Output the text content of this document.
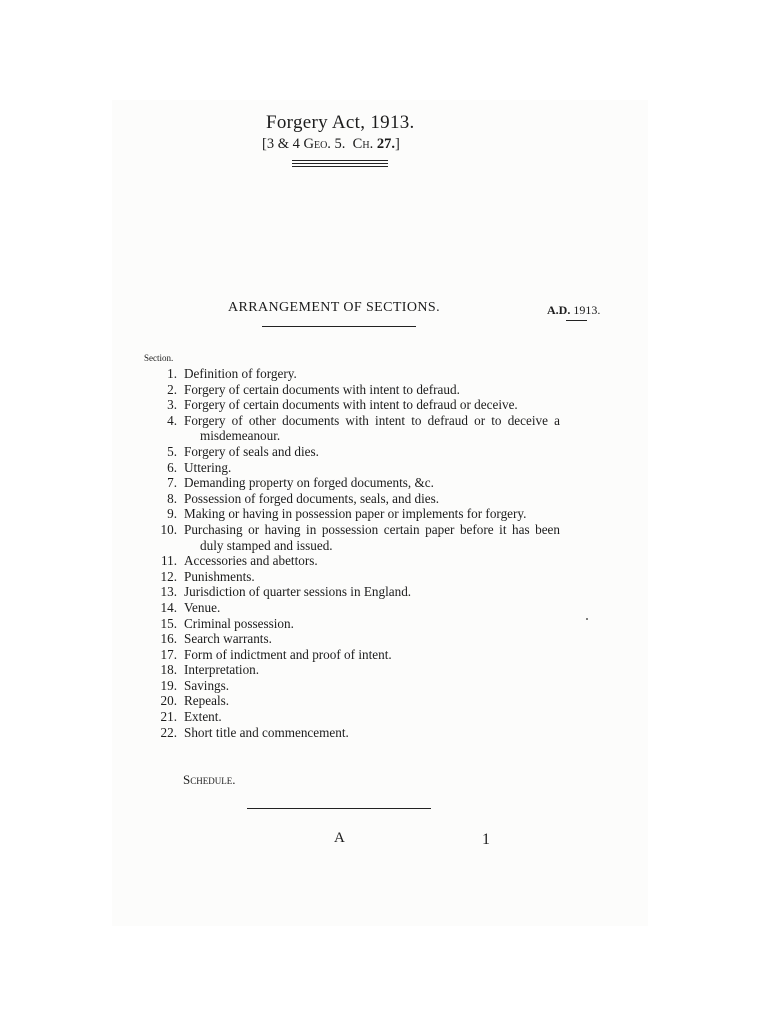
Forgery Act, 1913.
[3 & 4 Geo. 5. Ch. 27.]
ARRANGEMENT OF SECTIONS.	A.D. 1913.
Section.
1. Definition of forgery.
2. Forgery of certain documents with intent to defraud.
3. Forgery of certain documents with intent to defraud or deceive.
4. Forgery of other documents with intent to defraud or to deceive a misdemeanour.
5. Forgery of seals and dies.
6. Uttering.
7. Demanding property on forged documents, &c.
8. Possession of forged documents, seals, and dies.
9. Making or having in possession paper or implements for forgery.
10. Purchasing or having in possession certain paper before it has been duly stamped and issued.
11. Accessories and abettors.
12. Punishments.
13. Jurisdiction of quarter sessions in England.
14. Venue.
15. Criminal possession.
16. Search warrants.
17. Form of indictment and proof of intent.
18. Interpretation.
19. Savings.
20. Repeals.
21. Extent.
22. Short title and commencement.
Schedule.
A	1
